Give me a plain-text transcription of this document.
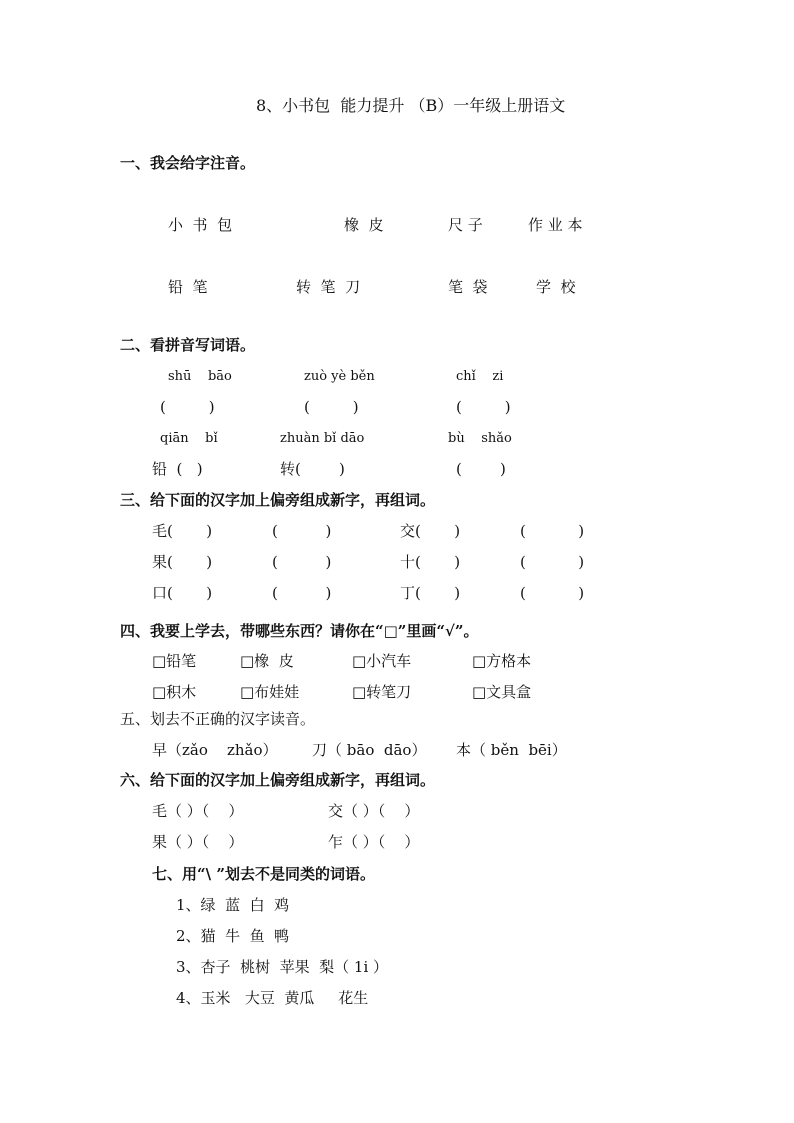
8、小书包  能力提升 （B）一年级上册语文
一、我会给字注音。
小  书  包	橡  皮	尺 子	作 业 本
铅  笔	转  笔  刀	笔  袋	学  校
二、看拼音写词语。
shū    bāo	zuò yè běn	chǐ    zi
(         )	(         )	(         )
qiān    bǐ	zhuàn bǐ dāo	bù    shǎo
铅  (   )	转(        )	(        )
三、给下面的汉字加上偏旁组成新字，再组词。
毛(       )	(          )	交(       )	(           )
果(       )	(          )	十(       )	(           )
口(       )	(          )	丁(       )	(           )
四、我要上学去，带哪些东西？请你在“□”里画“√”。
□铅笔	□橡  皮	□小汽车	□方格本
□积木	□布娃娃	□转笔刀	□文具盒
五、划去不正确的汉字读音。
早（zǎo    zhǎo） 刀（ bāo  dāo） 本（ běn  bēi）
六、给下面的汉字加上偏旁组成新字，再组词。
毛（ ）（    ）	交（ ）（    ）
果（ ）（    ）	乍（ ）（    ）
七、用“\ ”划去不是同类的词语。
1、绿  蓝  白  鸡
2、猫  牛  鱼  鸭
3、杏子  桃树  苹果  梨（ 1i ）
4、玉米   大豆  黄瓜     花生
